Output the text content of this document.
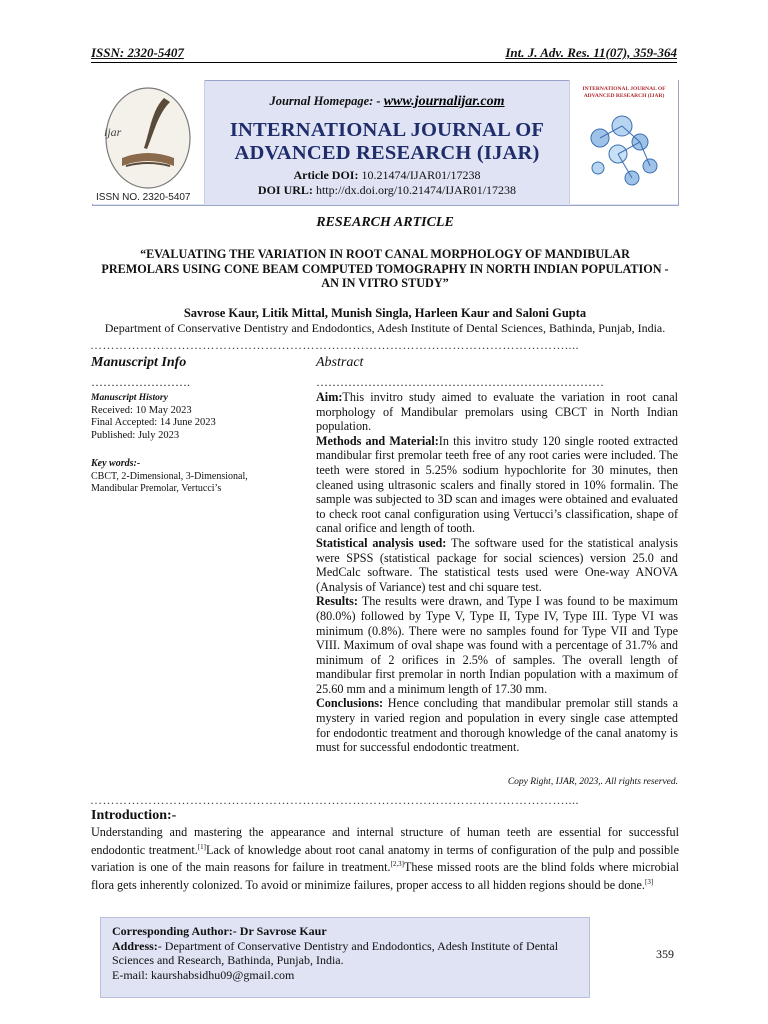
ISSN: 2320-5407	Int. J. Adv. Res. 11(07), 359-364
ijar
ISSN NO. 2320-5407
INTERNATIONAL JOURNAL OF ADVANCED RESEARCH (IJAR)
Journal Homepage: - www.journalijar.com
INTERNATIONAL JOURNAL OF
ADVANCED RESEARCH (IJAR)
Article DOI: 10.21474/IJAR01/17238
DOI URL: http://dx.doi.org/10.21474/IJAR01/17238
RESEARCH ARTICLE
“EVALUATING THE VARIATION IN ROOT CANAL MORPHOLOGY OF MANDIBULAR
PREMOLARS USING CONE BEAM COMPUTED TOMOGRAPHY IN NORTH INDIAN POPULATION -
AN IN VITRO STUDY”
Savrose Kaur, Litik Mittal, Munish Singla, Harleen Kaur and Saloni Gupta
Department of Conservative Dentistry and Endodontics, Adesh Institute of Dental Sciences, Bathinda, Punjab, India.
……………………………………………………………………………………………………....
Manuscript Info
…………………….
Manuscript History
Received: 10 May 2023
Final Accepted: 14 June 2023
Published: July 2023
Key words:-
CBCT, 2-Dimensional, 3-Dimensional,
Mandibular Premolar, Vertucci’s
Abstract
………………………………………………………………
Aim:This invitro study aimed to evaluate the variation in root canal morphology of Mandibular premolars using CBCT in North Indian population.
Methods and Material:In this invitro study 120 single rooted extracted mandibular first premolar teeth free of any root caries were included. The teeth were stored in 5.25% sodium hypochlorite for 30 minutes, then cleaned using ultrasonic scalers and finally stored in 10% formalin. The sample was subjected to 3D scan and images were obtained and evaluated to check root canal configuration using Vertucci’s classification, shape of canal orifice and length of tooth.
Statistical analysis used: The software used for the statistical analysis were SPSS (statistical package for social sciences) version 25.0 and MedCalc software. The statistical tests used were One-way ANOVA (Analysis of Variance) test and chi square test.
Results: The results were drawn, and Type I was found to be maximum (80.0%) followed by Type V, Type II, Type IV, Type III. Type VI was minimum (0.8%). There were no samples found for Type VII and Type VIII. Maximum of oval shape was found with a percentage of 31.7% and minimum of 2 orifices in 2.5% of samples. The overall length of mandibular first premolar in north Indian population with a maximum of 25.60 mm and a minimum length of 17.30 mm.
Conclusions: Hence concluding that mandibular premolar still stands a mystery in varied region and population in every single case attempted for endodontic treatment and thorough knowledge of the canal anatomy is must for successful endodontic treatment.
Copy Right, IJAR, 2023,. All rights reserved.
……………………………………………………………………………………………………....
Introduction:-
Understanding and mastering the appearance and internal structure of human teeth are essential for successful endodontic treatment.[1]Lack of knowledge about root canal anatomy in terms of configuration of the pulp and possible variation is one of the main reasons for failure in treatment.[2,3]These missed roots are the blind folds where microbial flora gets inherently colonized. To avoid or minimize failures, proper access to all hidden regions should be done.[3]
Corresponding Author:- Dr Savrose Kaur
Address:- Department of Conservative Dentistry and Endodontics, Adesh Institute of Dental Sciences and Research, Bathinda, Punjab, India.
E-mail: kaurshabsidhu09@gmail.com
359
